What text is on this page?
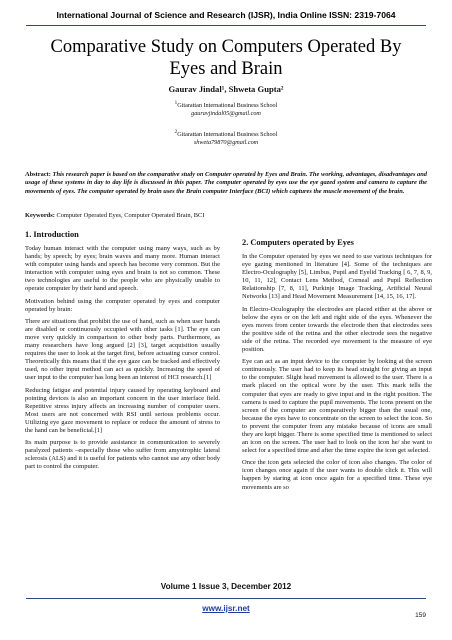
International Journal of Science and Research (IJSR), India Online ISSN: 2319-7064
Comparative Study on Computers Operated By Eyes and Brain
Gaurav Jindal¹, Shweta Gupta²
$^1$Gitarattan International Business School
gauravjindal05@gmail.com
$^2$Gitarattan International Business School
shweta79870@gmail.com
Abstract: This research paper is based on the comparative study on Computer operated by Eyes and Brain. The working, advantages, disadvantages and usage of these systems in day to day life is discussed in this paper. The computer operated by eyes use the eye gazed system and camera to capture the movements of eyes. The computer operated by brain uses the Brain computer Interface (BCI) which captures the muscle movement of the brain.
Keywords: Computer Operated Eyes, Computer Operated Brain, BCI
1. Introduction

Today human interact with the computer using many ways, such as by hands; by speech; by eyes; brain waves and many more. Human interact with computer using hands and speech has become very common. But the interaction with computer using eyes and brain is not so common. These two technologies are useful to the people who are physically unable to operate computer by their hand and speech.

Motivation behind using the computer operated by eyes and computer operated by brain:

There are situations that prohibit the use of hand, such as when user hands are disabled or continuously occupied with other tasks [1]. The eye can move very quickly in comparison to other body parts. Furthermore, as many researchers have long argued [2] [3], target acquisition usually requires the user to look at the target first, before actuating cursor control. Theoretically this means that if the eye gaze can be tracked and effectively used, no other input method can act as quickly. Increasing the speed of user input to the computer has long been an interest of HCI research.[1]

Reducing fatigue and potential injury caused by operating keyboard and pointing devices is also an important concern in the user interface field. Repetitive stress injury affects an increasing number of computer users. Most users are not concerned with RSI until serious problems occur. Utilizing eye gaze movement to replace or reduce the amount of stress to the hand can be beneficial.[1]

Its main purpose is to provide assistance in communication to severely paralyzed patients –especially those who suffer from amyotrophic lateral sclerosis (ALS) and it is useful for patients who cannot use any other body part to control the computer.

2. Computers operated by Eyes

In the Computer operated by eyes we need to use various techniques for eye gazing mentioned in literature [4]. Some of the techniques are Electro-Oculography [5], Limbus, Pupil and Eyelid Tracking [ 6, 7, 8, 9, 10, 11, 12], Contact Lens Method, Corneal and Pupil Reflection Relationship [7, 8, 11], Purkinje Image Tracking, Artificial Neural Networks [13] and Head Movement Measurement [14, 15, 16, 17].

In Electro-Oculography the electrodes are placed either at the above or below the eyes or on the left and right side of the eyes. Whenever the eyes moves from center towards the electrode then that electrodes sees the positive side of the retina and the other electrode sees the negative side of the retina. The recorded eye movement is the measure of eye position.

Eye can act as an input device to the computer by looking at the screen continuously. The user had to keep its head straight for giving an input to the computer. Slight head movement is allowed to the user. There is a mark placed on the optical wore by the user. This mark tells the computer that eyes are ready to give input and in the right position. The camera is used to capture the pupil movements. The icons present on the screen of the computer are comparatively bigger than the usual one, because the eyes have to concentrate on the screen to select the icon. So to prevent the computer from any mistake because of icons are small they are kept bigger. There is some specified time is mentioned to select an icon on the screen. The user had to look on the icon he/ she want to select for a specified time and after the time expire the icon get selected.

Once the icon gets selected the color of icon also changes. The color of icon changes once again if the user wants to double click it. This will happen by staring at icon once again for a specified time. These eye movements are so

Volume 1 Issue 3, December 2012
www.ijsr.net
159
